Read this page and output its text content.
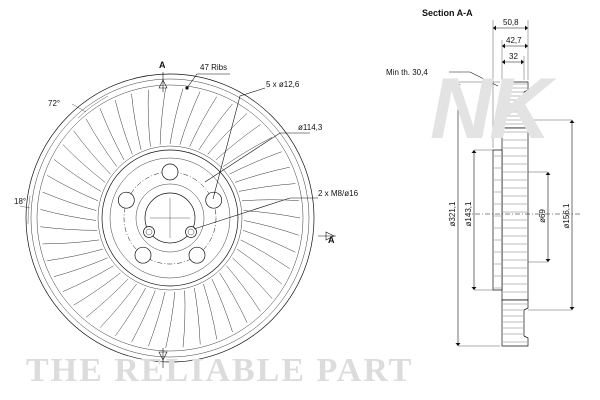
NK
A
A
47 Ribs
5 x ø12,6
ø114,3
2 x M8/ø16
72°
18°
Section A-A
50,8
42,7
32
Min th. 30,4
ø321,1 ø143,1	ø69 ø156,1
THE RELIABLE PART
